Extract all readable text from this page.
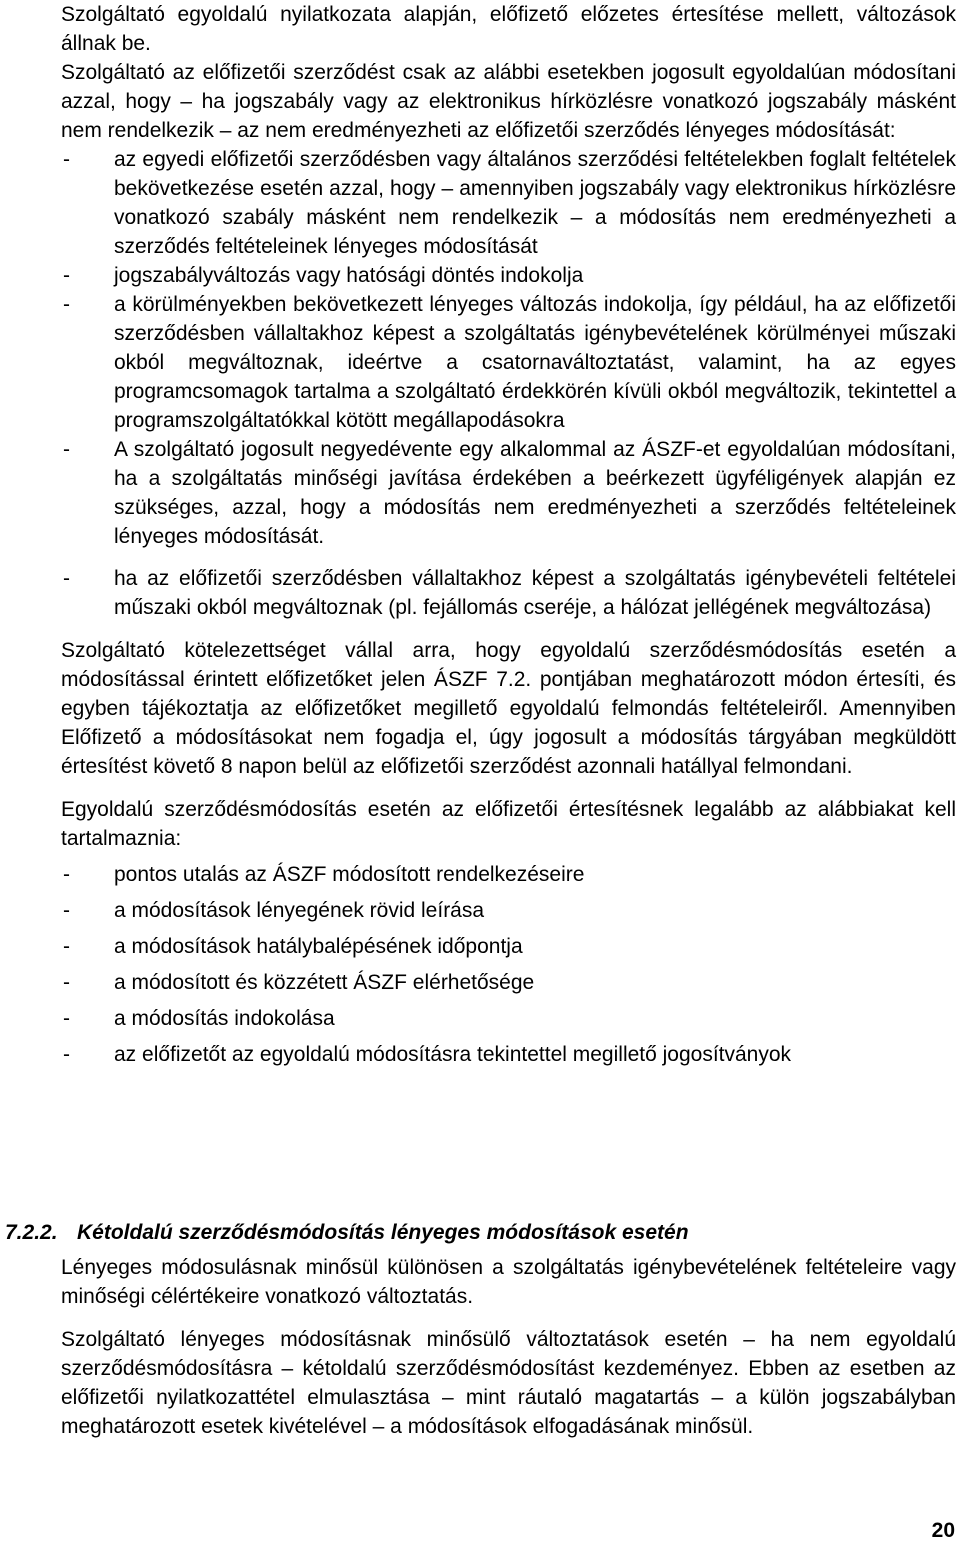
Szolgáltató egyoldalú nyilatkozata alapján, előfizető előzetes értesítése mellett, változások állnak be.

Szolgáltató az előfizetői szerződést csak az alábbi esetekben jogosult egyoldalúan módosítani azzal, hogy – ha jogszabály vagy az elektronikus hírközlésre vonatkozó jogszabály másként nem rendelkezik – az nem eredményezheti az előfizetői szerződés lényeges módosítását:

- az egyedi előfizetői szerződésben vagy általános szerződési feltételekben foglalt feltételek bekövetkezése esetén azzal, hogy – amennyiben jogszabály vagy elektronikus hírközlésre vonatkozó szabály másként nem rendelkezik – a módosítás nem eredményezheti a szerződés feltételeinek lényeges módosítását
- jogszabályváltozás vagy hatósági döntés indokolja
- a körülményekben bekövetkezett lényeges változás indokolja, így például, ha az előfizetői szerződésben vállaltakhoz képest a szolgáltatás igénybevételének körülményei műszaki okból megváltoznak, ideértve a csatornaváltoztatást, valamint, ha az egyes programcsomagok tartalma a szolgáltató érdekkörén kívüli okból megváltozik, tekintettel a programszolgáltatókkal kötött megállapodásokra
- A szolgáltató jogosult negyedévente egy alkalommal az ÁSZF-et egyoldalúan módosítani, ha a szolgáltatás minőségi javítása érdekében a beérkezett ügyféligények alapján ez szükséges, azzal, hogy a módosítás nem eredményezheti a szerződés feltételeinek lényeges módosítását.
- ha az előfizetői szerződésben vállaltakhoz képest a szolgáltatás igénybevételi feltételei műszaki okból megváltoznak (pl. fejállomás cseréje, a hálózat jellégének megváltozása)

Szolgáltató kötelezettséget vállal arra, hogy egyoldalú szerződésmódosítás esetén a módosítással érintett előfizetőket jelen ÁSZF 7.2. pontjában meghatározott módon értesíti, és egyben tájékoztatja az előfizetőket megillető egyoldalú felmondás feltételeiről. Amennyiben Előfizető a módosításokat nem fogadja el, úgy jogosult a módosítás tárgyában megküldött értesítést követő 8 napon belül az előfizetői szerződést azonnali hatállyal felmondani.

Egyoldalú szerződésmódosítás esetén az előfizetői értesítésnek legalább az alábbiakat kell tartalmaznia:

- pontos utalás az ÁSZF módosított rendelkezéseire
- a módosítások lényegének rövid leírása
- a módosítások hatálybalépésének időpontja
- a módosított és közzétett ÁSZF elérhetősége
- a módosítás indokolása
- az előfizetőt az egyoldalú módosításra tekintettel megillető jogosítványok
7.2.2. Kétoldalú szerződésmódosítás lényeges módosítások esetén

Lényeges módosulásnak minősül különösen a szolgáltatás igénybevételének feltételeire vagy minőségi célértékeire vonatkozó változtatás.

Szolgáltató lényeges módosításnak minősülő változtatások esetén – ha nem egyoldalú szerződésmódosításra – kétoldalú szerződésmódosítást kezdeményez. Ebben az esetben az előfizetői nyilatkozattétel elmulasztása – mint ráutaló magatartás – a külön jogszabályban meghatározott esetek kivételével – a módosítások elfogadásának minősül.

20
